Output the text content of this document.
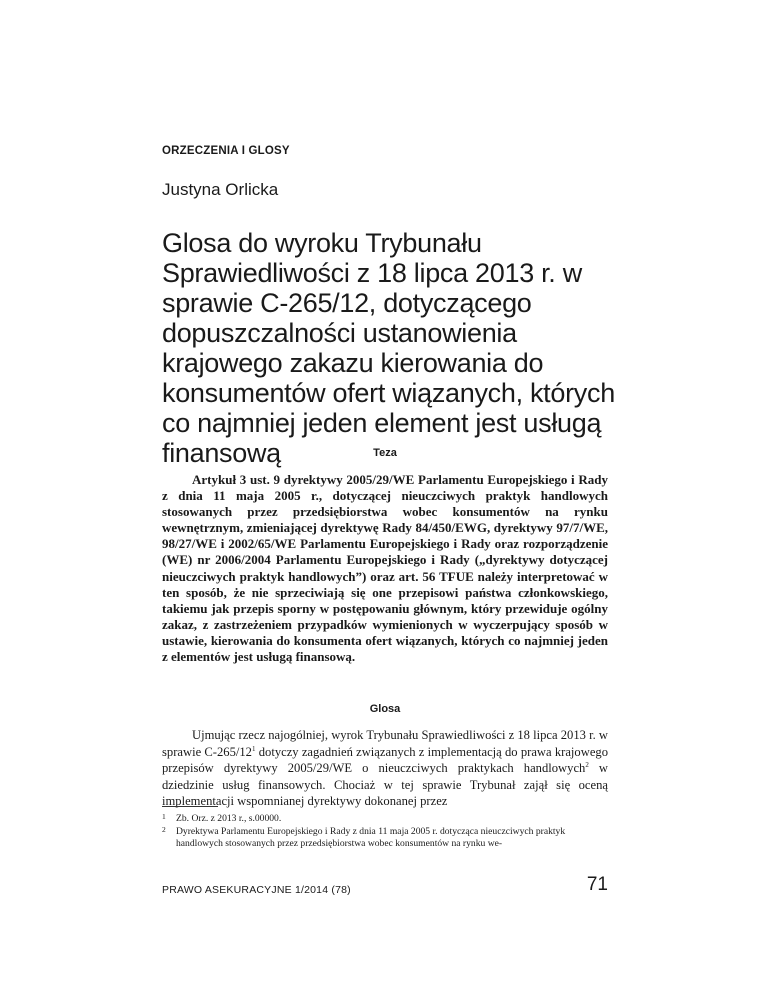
ORZECZENIA I GLOSY
Justyna Orlicka
Glosa do wyroku Trybunału Sprawiedliwości z 18 lipca 2013 r. w sprawie C-265/12, dotyczącego dopuszczalności ustanowienia krajowego zakazu kierowania do konsumentów ofert wiązanych, których co najmniej jeden element jest usługą finansową	Teza

Artykuł 3 ust. 9 dyrektywy 2005/29/WE Parlamentu Europejskiego i Rady z dnia 11 maja 2005 r., dotyczącej nieuczciwych praktyk handlowych stosowanych przez przedsiębiorstwa wobec konsumentów na rynku wewnętrznym, zmieniającej dyrektywę Rady 84/450/EWG, dyrektywy 97/7/WE, 98/27/WE i 2002/65/WE Parlamentu Europejskiego i Rady oraz rozporządzenie (WE) nr 2006/2004 Parlamentu Europejskiego i Rady („dyrektywy dotyczącej nieuczciwych praktyk handlowych”) oraz art. 56 TFUE należy interpretować w ten sposób, że nie sprzeciwiają się one przepisowi państwa członkowskiego, takiemu jak przepis sporny w postępowaniu głównym, który przewiduje ogólny zakaz, z zastrzeżeniem przypadków wymienionych w wyczerpujący sposób w ustawie, kierowania do konsumenta ofert wiązanych, których co najmniej jeden z elementów jest usługą finansową.

Glosa

Ujmując rzecz najogólniej, wyrok Trybunału Sprawiedliwości z 18 lipca 2013 r. w sprawie $C-265/12^1$ dotyczy zagadnień związanych z implementacją do prawa krajowego przepisów dyrektywy 2005/29/WE o nieuczciwych praktykach handlowych$^2$ w dziedzinie usług finansowych. Chociaż w tej sprawie Trybunał zajął się oceną implementacji wspomnianej dyrektywy dokonanej przez

1 Zb. Orz. z 2013 r., s.00000.
2 Dyrektywa Parlamentu Europejskiego i Rady z dnia 11 maja 2005 r. dotycząca nieuczciwych praktyk handlowych stosowanych przez przedsiębiorstwa wobec konsumentów na rynku we-
PRAWO ASEKURACYJNE 1/2014 (78)	71
